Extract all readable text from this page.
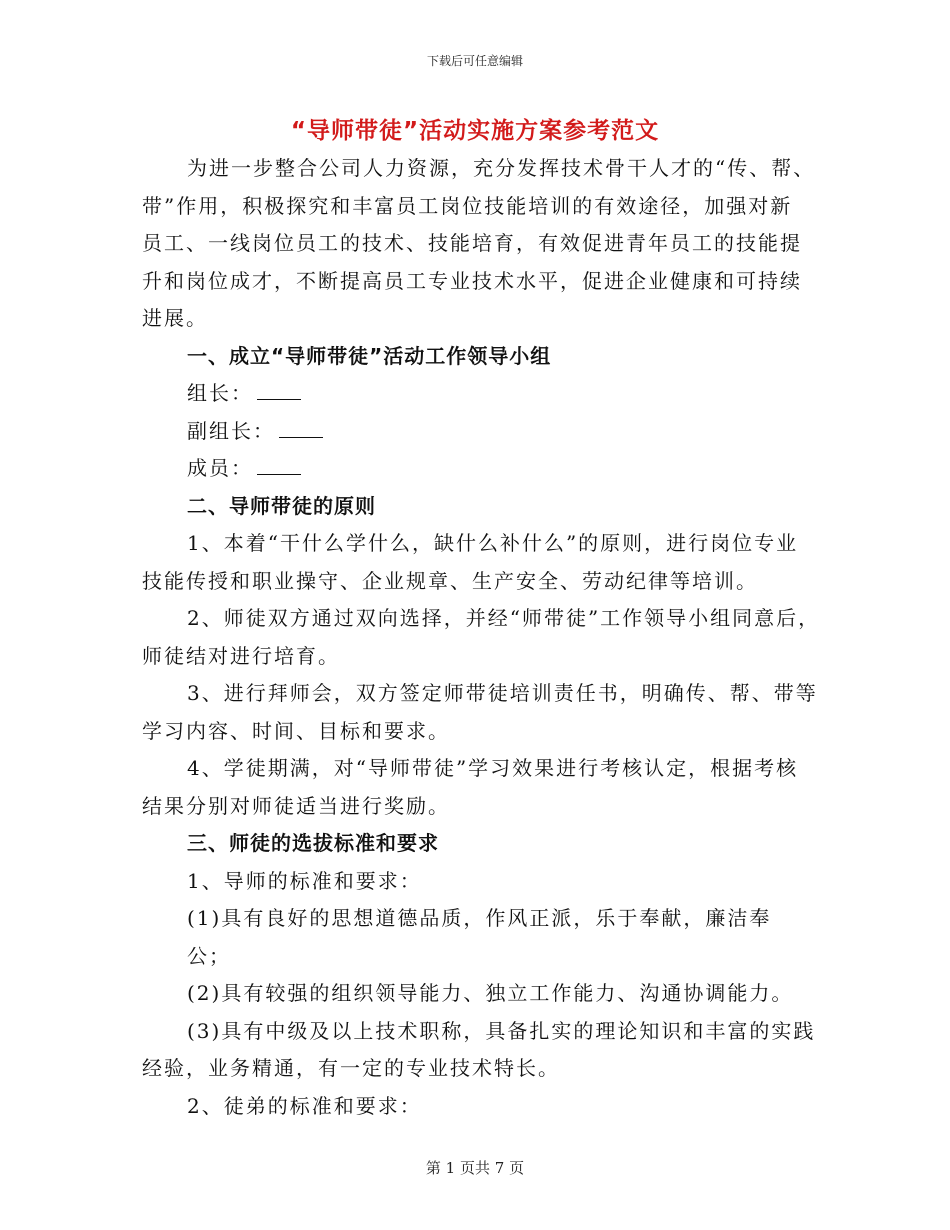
下载后可任意编辑
“导师带徒”活动实施方案参考范文
为进一步整合公司人力资源，充分发挥技术骨干人才的“传、帮、
带”作用，积极探究和丰富员工岗位技能培训的有效途径，加强对新
员工、一线岗位员工的技术、技能培育，有效促进青年员工的技能提
升和岗位成才，不断提高员工专业技术水平，促进企业健康和可持续
进展。
一、成立“导师带徒”活动工作领导小组
组长：
副组长：
成员：
二、导师带徒的原则
1、本着“干什么学什么，缺什么补什么”的原则，进行岗位专业
技能传授和职业操守、企业规章、生产安全、劳动纪律等培训。
2、师徒双方通过双向选择，并经“师带徒”工作领导小组同意后，
师徒结对进行培育。
3、进行拜师会，双方签定师带徒培训责任书，明确传、帮、带等
学习内容、时间、目标和要求。
4、学徒期满，对“导师带徒”学习效果进行考核认定，根据考核
结果分别对师徒适当进行奖励。
三、师徒的选拔标准和要求
1、导师的标准和要求：
(1)具有良好的思想道德品质，作风正派，乐于奉献，廉洁奉
公；
(2)具有较强的组织领导能力、独立工作能力、沟通协调能力。
(3)具有中级及以上技术职称，具备扎实的理论知识和丰富的实践
经验，业务精通，有一定的专业技术特长。
2、徒弟的标准和要求：
第 1 页共 7 页
